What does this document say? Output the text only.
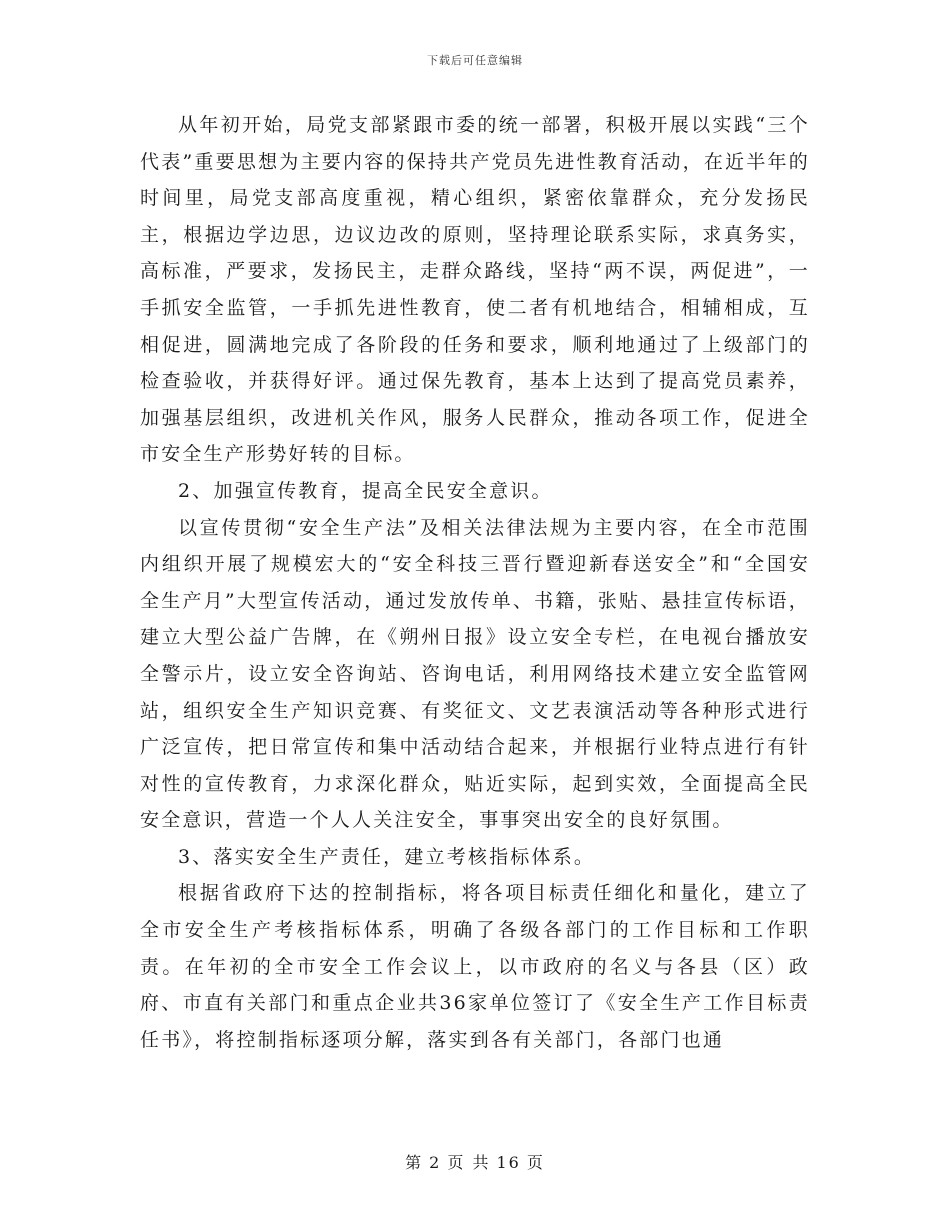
下载后可任意编辑

从年初开始，局党支部紧跟市委的统一部署，积极开展以实践“三个代表”重要思想为主要内容的保持共产党员先进性教育活动，在近半年的时间里，局党支部高度重视，精心组织，紧密依靠群众，充分发扬民主，根据边学边思，边议边改的原则，坚持理论联系实际，求真务实，高标准，严要求，发扬民主，走群众路线，坚持“两不误，两促进”，一手抓安全监管，一手抓先进性教育，使二者有机地结合，相辅相成，互相促进，圆满地完成了各阶段的任务和要求，顺利地通过了上级部门的检查验收，并获得好评。通过保先教育，基本上达到了提高党员素养，加强基层组织，改进机关作风，服务人民群众，推动各项工作，促进全市安全生产形势好转的目标。

2、加强宣传教育，提高全民安全意识。

以宣传贯彻“安全生产法”及相关法律法规为主要内容，在全市范围内组织开展了规模宏大的“安全科技三晋行暨迎新春送安全”和“全国安全生产月”大型宣传活动，通过发放传单、书籍，张贴、悬挂宣传标语，建立大型公益广告牌，在《朔州日报》设立安全专栏，在电视台播放安全警示片，设立安全咨询站、咨询电话，利用网络技术建立安全监管网站，组织安全生产知识竞赛、有奖征文、文艺表演活动等各种形式进行广泛宣传，把日常宣传和集中活动结合起来，并根据行业特点进行有针对性的宣传教育，力求深化群众，贴近实际，起到实效，全面提高全民安全意识，营造一个人人关注安全，事事突出安全的良好氛围。

3、落实安全生产责任，建立考核指标体系。

根据省政府下达的控制指标，将各项目标责任细化和量化，建立了全市安全生产考核指标体系，明确了各级各部门的工作目标和工作职责。在年初的全市安全工作会议上，以市政府的名义与各县（区）政府、市直有关部门和重点企业共36家单位签订了《安全生产工作目标责任书》，将控制指标逐项分解，落实到各有关部门，各部门也通

第 2 页 共 16 页
